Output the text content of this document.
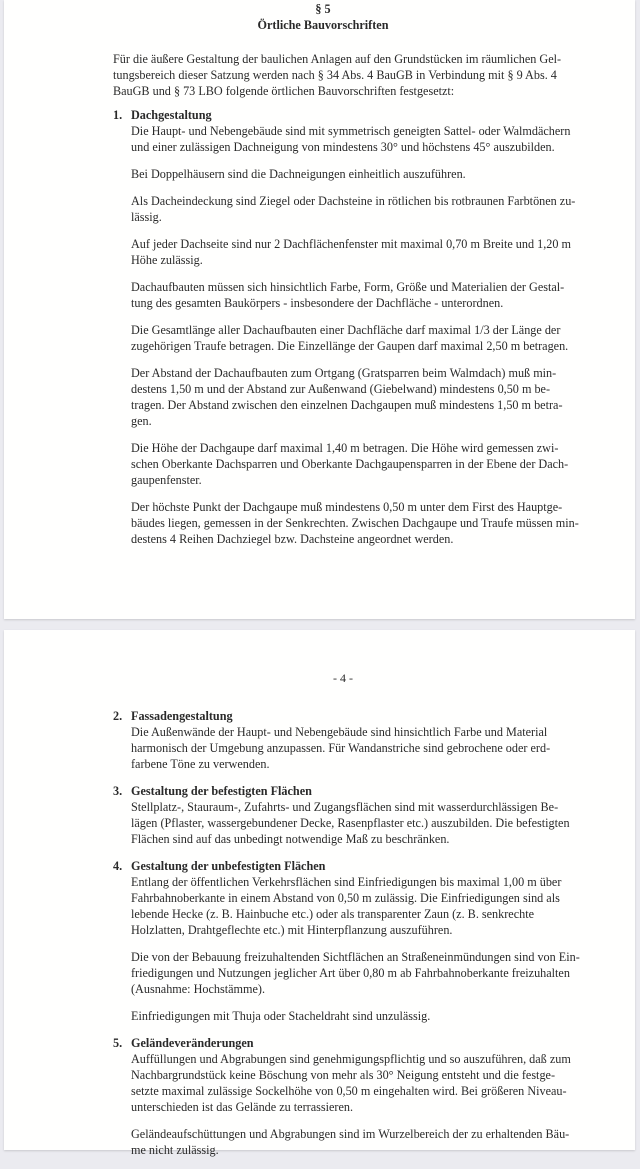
§ 5
Örtliche Bauvorschriften
Für die äußere Gestaltung der baulichen Anlagen auf den Grundstücken im räumlichen Gel-
tungsbereich dieser Satzung werden nach § 34 Abs. 4 BauGB in Verbindung mit § 9 Abs. 4
BauGB und § 73 LBO folgende örtlichen Bauvorschriften festgesetzt:
1. Dachgestaltung
Die Haupt- und Nebengebäude sind mit symmetrisch geneigten Sattel- oder Walmdächern
und einer zulässigen Dachneigung von mindestens 30° und höchstens 45° auszubilden.
Bei Doppelhäusern sind die Dachneigungen einheitlich auszuführen.
Als Dacheindeckung sind Ziegel oder Dachsteine in rötlichen bis rotbraunen Farbtönen zu-
lässig.
Auf jeder Dachseite sind nur 2 Dachflächenfenster mit maximal 0,70 m Breite und 1,20 m
Höhe zulässig.
Dachaufbauten müssen sich hinsichtlich Farbe, Form, Größe und Materialien der Gestal-
tung des gesamten Baukörpers - insbesondere der Dachfläche - unterordnen.
Die Gesamtlänge aller Dachaufbauten einer Dachfläche darf maximal 1/3 der Länge der
zugehörigen Traufe betragen. Die Einzellänge der Gaupen darf maximal 2,50 m betragen.
Der Abstand der Dachaufbauten zum Ortgang (Gratsparren beim Walmdach) muß min-
destens 1,50 m und der Abstand zur Außenwand (Giebelwand) mindestens 0,50 m be-
tragen. Der Abstand zwischen den einzelnen Dachgaupen muß mindestens 1,50 m betra-
gen.
Die Höhe der Dachgaupe darf maximal 1,40 m betragen. Die Höhe wird gemessen zwi-
schen Oberkante Dachsparren und Oberkante Dachgaupensparren in der Ebene der Dach-
gaupenfenster.
Der höchste Punkt der Dachgaupe muß mindestens 0,50 m unter dem First des Hauptge-
bäudes liegen, gemessen in der Senkrechten. Zwischen Dachgaupe und Traufe müssen min-
destens 4 Reihen Dachziegel bzw. Dachsteine angeordnet werden.
- 4 -
2. Fassadengestaltung
Die Außenwände der Haupt- und Nebengebäude sind hinsichtlich Farbe und Material
harmonisch der Umgebung anzupassen. Für Wandanstriche sind gebrochene oder erd-
farbene Töne zu verwenden.
3. Gestaltung der befestigten Flächen
Stellplatz-, Stauraum-, Zufahrts- und Zugangsflächen sind mit wasserdurchlässigen Be-
lägen (Pflaster, wassergebundener Decke, Rasenpflaster etc.) auszubilden. Die befestigten
Flächen sind auf das unbedingt notwendige Maß zu beschränken.
4. Gestaltung der unbefestigten Flächen
Entlang der öffentlichen Verkehrsflächen sind Einfriedigungen bis maximal 1,00 m über
Fahrbahnoberkante in einem Abstand von 0,50 m zulässig. Die Einfriedigungen sind als
lebende Hecke (z. B. Hainbuche etc.) oder als transparenter Zaun (z. B. senkrechte
Holzlatten, Drahtgeflechte etc.) mit Hinterpflanzung auszuführen.
Die von der Bebauung freizuhaltenden Sichtflächen an Straßeneinmündungen sind von Ein-
friedigungen und Nutzungen jeglicher Art über 0,80 m ab Fahrbahnoberkante freizuhalten
(Ausnahme: Hochstämme).
Einfriedigungen mit Thuja oder Stacheldraht sind unzulässig.
5. Geländeveränderungen
Auffüllungen und Abgrabungen sind genehmigungspflichtig und so auszuführen, daß zum
Nachbargrundstück keine Böschung von mehr als 30° Neigung entsteht und die festge-
setzte maximal zulässige Sockelhöhe von 0,50 m eingehalten wird. Bei größeren Niveau-
unterschieden ist das Gelände zu terrassieren.
Geländeaufschüttungen und Abgrabungen sind im Wurzelbereich der zu erhaltenden Bäu-
me nicht zulässig.
